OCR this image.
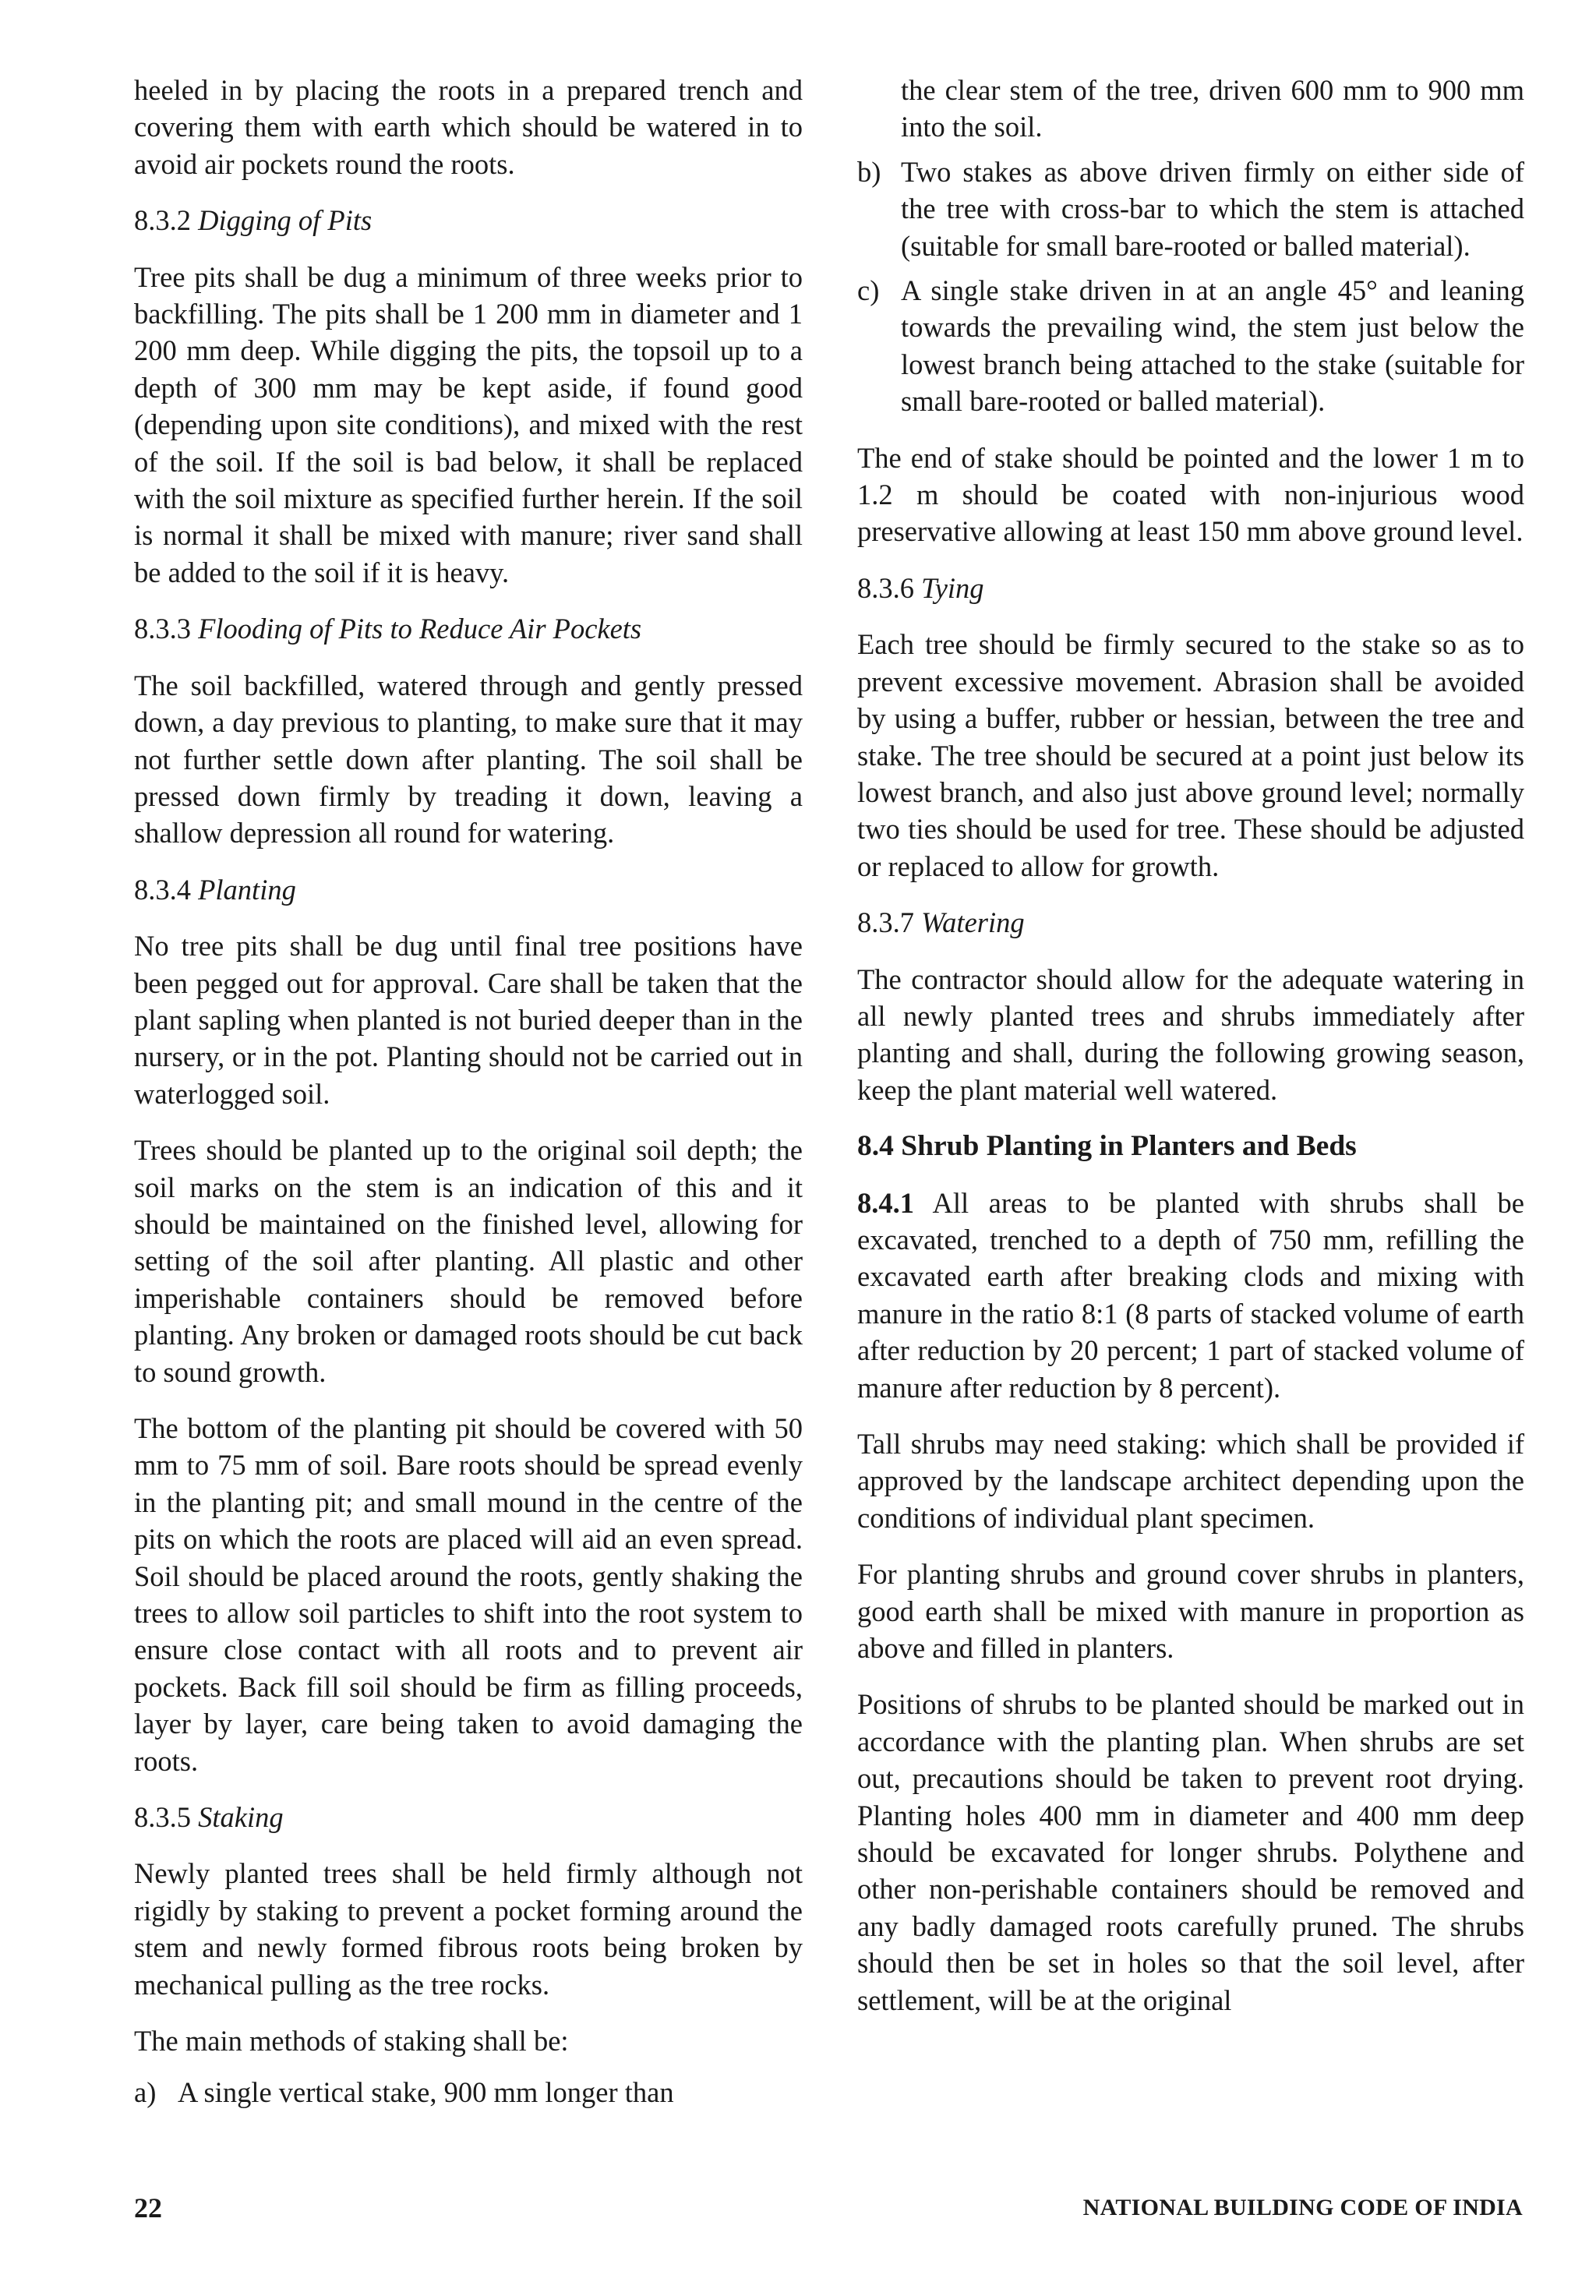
heeled in by placing the roots in a prepared trench and covering them with earth which should be watered in to avoid air pockets round the roots.

8.3.2 Digging of Pits

Tree pits shall be dug a minimum of three weeks prior to backfilling. The pits shall be 1 200 mm in diameter and 1 200 mm deep. While digging the pits, the topsoil up to a depth of 300 mm may be kept aside, if found good (depending upon site conditions), and mixed with the rest of the soil. If the soil is bad below, it shall be replaced with the soil mixture as specified further herein. If the soil is normal it shall be mixed with manure; river sand shall be added to the soil if it is heavy.

8.3.3 Flooding of Pits to Reduce Air Pockets

The soil backfilled, watered through and gently pressed down, a day previous to planting, to make sure that it may not further settle down after planting. The soil shall be pressed down firmly by treading it down, leaving a shallow depression all round for watering.

8.3.4 Planting

No tree pits shall be dug until final tree positions have been pegged out for approval. Care shall be taken that the plant sapling when planted is not buried deeper than in the nursery, or in the pot. Planting should not be carried out in waterlogged soil.

Trees should be planted up to the original soil depth; the soil marks on the stem is an indication of this and it should be maintained on the finished level, allowing for setting of the soil after planting. All plastic and other imperishable containers should be removed before planting. Any broken or damaged roots should be cut back to sound growth.

The bottom of the planting pit should be covered with 50 mm to 75 mm of soil. Bare roots should be spread evenly in the planting pit; and small mound in the centre of the pits on which the roots are placed will aid an even spread. Soil should be placed around the roots, gently shaking the trees to allow soil particles to shift into the root system to ensure close contact with all roots and to prevent air pockets. Back fill soil should be firm as filling proceeds, layer by layer, care being taken to avoid damaging the roots.

8.3.5 Staking

Newly planted trees shall be held firmly although not rigidly by staking to prevent a pocket forming around the stem and newly formed fibrous roots being broken by mechanical pulling as the tree rocks.

The main methods of staking shall be:

a) A single vertical stake, 900 mm longer than
the clear stem of the tree, driven 600 mm to 900 mm into the soil.
b) Two stakes as above driven firmly on either side of the tree with cross-bar to which the stem is attached (suitable for small bare-rooted or balled material).
c) A single stake driven in at an angle 45° and leaning towards the prevailing wind, the stem just below the lowest branch being attached to the stake (suitable for small bare-rooted or balled material).

The end of stake should be pointed and the lower 1 m to 1.2 m should be coated with non-injurious wood preservative allowing at least 150 mm above ground level.

8.3.6 Tying

Each tree should be firmly secured to the stake so as to prevent excessive movement. Abrasion shall be avoided by using a buffer, rubber or hessian, between the tree and stake. The tree should be secured at a point just below its lowest branch, and also just above ground level; normally two ties should be used for tree. These should be adjusted or replaced to allow for growth.

8.3.7 Watering

The contractor should allow for the adequate watering in all newly planted trees and shrubs immediately after planting and shall, during the following growing season, keep the plant material well watered.

8.4 Shrub Planting in Planters and Beds

8.4.1 All areas to be planted with shrubs shall be excavated, trenched to a depth of 750 mm, refilling the excavated earth after breaking clods and mixing with manure in the ratio 8:1 (8 parts of stacked volume of earth after reduction by 20 percent; 1 part of stacked volume of manure after reduction by 8 percent).

Tall shrubs may need staking: which shall be provided if approved by the landscape architect depending upon the conditions of individual plant specimen.

For planting shrubs and ground cover shrubs in planters, good earth shall be mixed with manure in proportion as above and filled in planters.

Positions of shrubs to be planted should be marked out in accordance with the planting plan. When shrubs are set out, precautions should be taken to prevent root drying. Planting holes 400 mm in diameter and 400 mm deep should be excavated for longer shrubs. Polythene and other non-perishable containers should be removed and any badly damaged roots carefully pruned. The shrubs should then be set in holes so that the soil level, after settlement, will be at the original

22	NATIONAL BUILDING CODE OF INDIA
